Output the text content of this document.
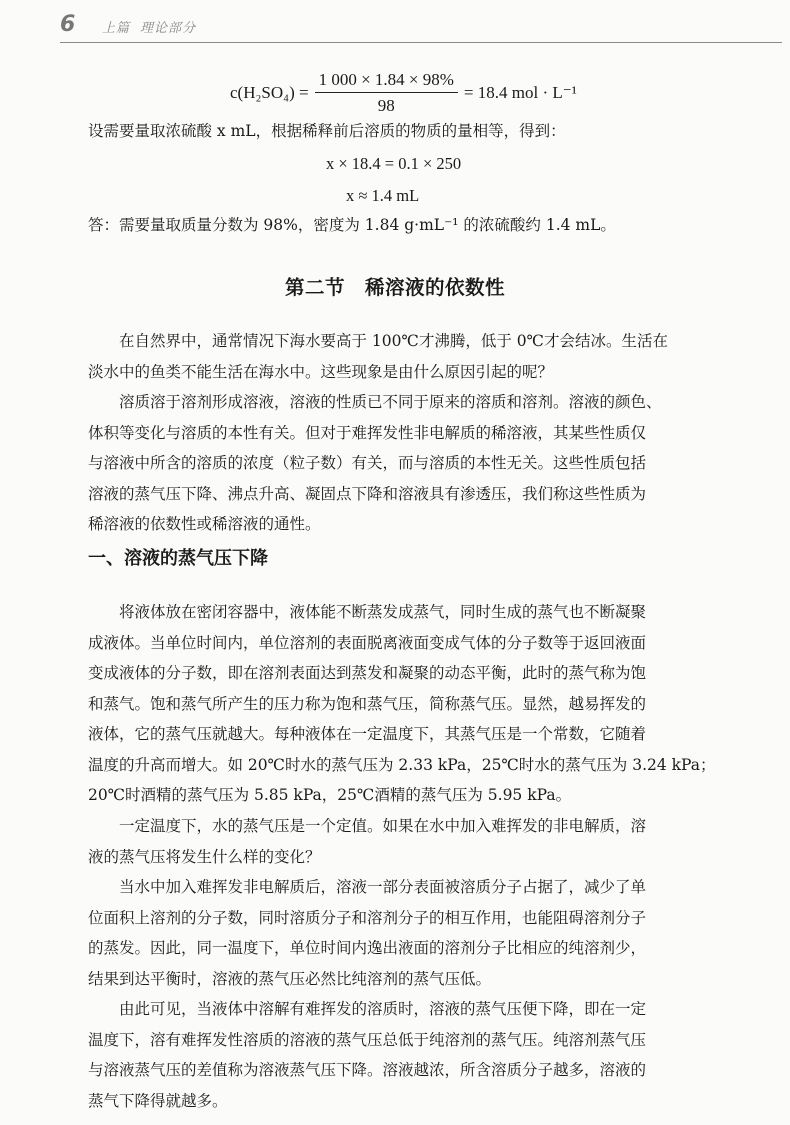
6 上篇 理论部分
$c(H_2SO_4) = \frac{1 000 \times 1.84 \times 98\%}{98} = 18.4$ mol · L⁻¹
设需要量取浓硫酸 x mL，根据稀释前后溶质的物质的量相等，得到：
x × 18.4 = 0.1 × 250
x ≈ 1.4 mL
答：需要量取质量分数为 98%，密度为 1.84 g·mL⁻¹ 的浓硫酸约 1.4 mL。
第二节　稀溶液的依数性
在自然界中，通常情况下海水要高于 100℃才沸腾，低于 0℃才会结冰。生活在
淡水中的鱼类不能生活在海水中。这些现象是由什么原因引起的呢？
溶质溶于溶剂形成溶液，溶液的性质已不同于原来的溶质和溶剂。溶液的颜色、
体积等变化与溶质的本性有关。但对于难挥发性非电解质的稀溶液，其某些性质仅
与溶液中所含的溶质的浓度（粒子数）有关，而与溶质的本性无关。这些性质包括
溶液的蒸气压下降、沸点升高、凝固点下降和溶液具有渗透压，我们称这些性质为
稀溶液的依数性或稀溶液的通性。
一、溶液的蒸气压下降
将液体放在密闭容器中，液体能不断蒸发成蒸气，同时生成的蒸气也不断凝聚
成液体。当单位时间内，单位溶剂的表面脱离液面变成气体的分子数等于返回液面
变成液体的分子数，即在溶剂表面达到蒸发和凝聚的动态平衡，此时的蒸气称为饱
和蒸气。饱和蒸气所产生的压力称为饱和蒸气压，简称蒸气压。显然，越易挥发的
液体，它的蒸气压就越大。每种液体在一定温度下，其蒸气压是一个常数，它随着
温度的升高而增大。如 20℃时水的蒸气压为 2.33 kPa，25℃时水的蒸气压为 3.24 kPa；
20℃时酒精的蒸气压为 5.85 kPa，25℃酒精的蒸气压为 5.95 kPa。
一定温度下，水的蒸气压是一个定值。如果在水中加入难挥发的非电解质，溶
液的蒸气压将发生什么样的变化？
当水中加入难挥发非电解质后，溶液一部分表面被溶质分子占据了，减少了单
位面积上溶剂的分子数，同时溶质分子和溶剂分子的相互作用，也能阻碍溶剂分子
的蒸发。因此，同一温度下，单位时间内逸出液面的溶剂分子比相应的纯溶剂少，
结果到达平衡时，溶液的蒸气压必然比纯溶剂的蒸气压低。
由此可见，当液体中溶解有难挥发的溶质时，溶液的蒸气压便下降，即在一定
温度下，溶有难挥发性溶质的溶液的蒸气压总低于纯溶剂的蒸气压。纯溶剂蒸气压
与溶液蒸气压的差值称为溶液蒸气压下降。溶液越浓，所含溶质分子越多，溶液的
蒸气下降得就越多。
